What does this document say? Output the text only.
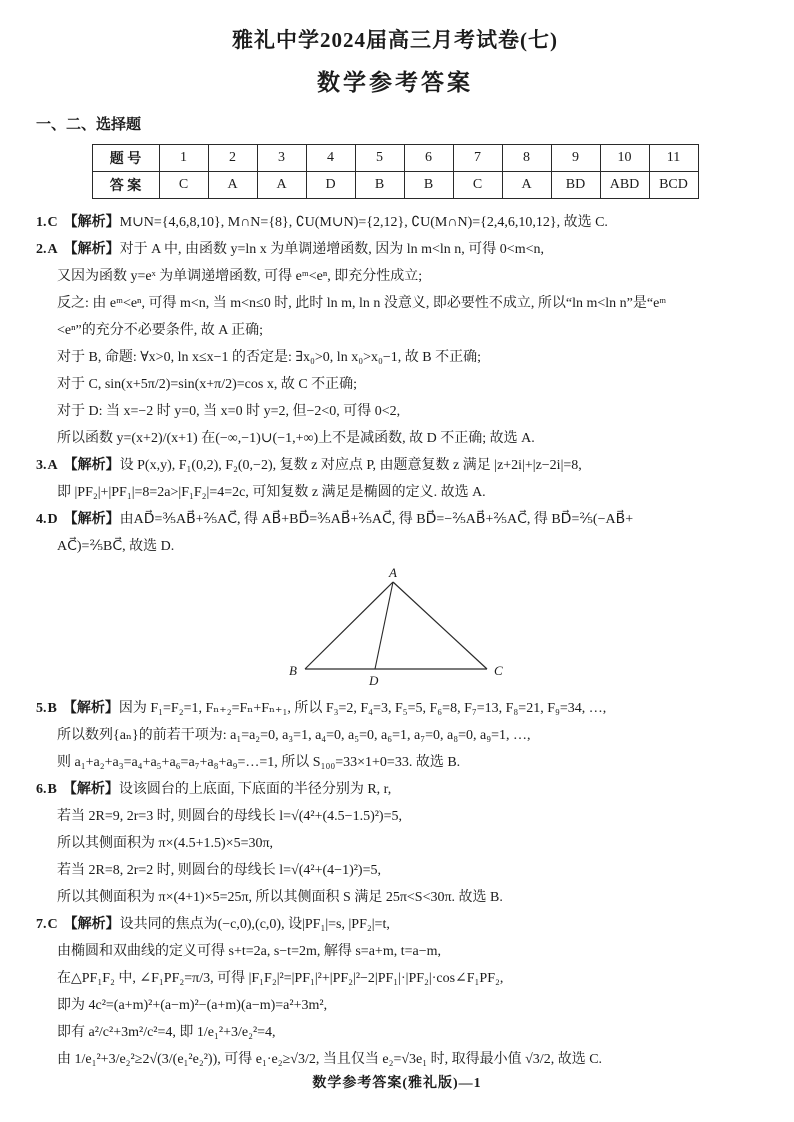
雅礼中学2024届高三月考试卷(七)
数学参考答案
一、二、选择题
题 号	1	2	3	4	5	6	7	8	9	10	11
答 案	C	A	A	D	B	B	C	A	BD	ABD	BCD
1.C 【解析】M∪N={4,6,8,10}, M∩N={8}, ∁U(M∪N)={2,12}, ∁U(M∩N)={2,4,6,10,12}, 故选 C.
2.A 【解析】对于 A 中, 由函数 y=ln x 为单调递增函数, 因为 ln m<ln n, 可得 0<m<n,
又因为函数 y=eˣ 为单调递增函数, 可得 eᵐ<eⁿ, 即充分性成立;
反之: 由 eᵐ<eⁿ, 可得 m<n, 当 m<n≤0 时, 此时 ln m, ln n 没意义, 即必要性不成立, 所以“ln m<ln n”是“eᵐ
<eⁿ”的充分不必要条件, 故 A 正确;
对于 B, 命题: ∀x>0, ln x≤x−1 的否定是: ∃x₀>0, ln x₀>x₀−1, 故 B 不正确;
对于 C, sin(x+5π/2)=sin(x+π/2)=cos x, 故 C 不正确;
对于 D: 当 x=−2 时 y=0, 当 x=0 时 y=2, 但−2<0, 可得 0<2,
所以函数 y=(x+2)/(x+1) 在(−∞,−1)∪(−1,+∞)上不是减函数, 故 D 不正确; 故选 A.
3.A 【解析】设 P(x,y), F₁(0,2), F₂(0,−2), 复数 z 对应点 P, 由题意复数 z 满足 |z+2i|+|z−2i|=8,
即 |PF₂|+|PF₁|=8=2a>|F₁F₂|=4=2c, 可知复数 z 满足是椭圆的定义. 故选 A.
4.D 【解析】由AD⃗=⅗AB⃗+⅖AC⃗, 得 AB⃗+BD⃗=⅗AB⃗+⅖AC⃗, 得 BD⃗=−⅖AB⃗+⅖AC⃗, 得 BD⃗=⅖(−AB⃗+
AC⃗)=⅖BC⃗, 故选 D.
A
B	C
D
5.B 【解析】因为 F₁=F₂=1, Fₙ₊₂=Fₙ+Fₙ₊₁, 所以 F₃=2, F₄=3, F₅=5, F₆=8, F₇=13, F₈=21, F₉=34, …,
所以数列{aₙ}的前若干项为: a₁=a₂=0, a₃=1, a₄=0, a₅=0, a₆=1, a₇=0, a₈=0, a₉=1, …,
则 a₁+a₂+a₃=a₄+a₅+a₆=a₇+a₈+a₉=…=1, 所以 S₁₀₀=33×1+0=33. 故选 B.
6.B 【解析】设该圆台的上底面, 下底面的半径分别为 R, r,
若当 2R=9, 2r=3 时, 则圆台的母线长 l=√(4²+(4.5−1.5)²)=5,
所以其侧面积为 π×(4.5+1.5)×5=30π,
若当 2R=8, 2r=2 时, 则圆台的母线长 l=√(4²+(4−1)²)=5,
所以其侧面积为 π×(4+1)×5=25π, 所以其侧面积 S 满足 25π<S<30π. 故选 B.
7.C 【解析】设共同的焦点为(−c,0),(c,0), 设|PF₁|=s, |PF₂|=t,
由椭圆和双曲线的定义可得 s+t=2a, s−t=2m, 解得 s=a+m, t=a−m,
在△PF₁F₂ 中, ∠F₁PF₂=π/3, 可得 |F₁F₂|²=|PF₁|²+|PF₂|²−2|PF₁|·|PF₂|·cos∠F₁PF₂,
即为 4c²=(a+m)²+(a−m)²−(a+m)(a−m)=a²+3m²,
即有 a²/c²+3m²/c²=4, 即 1/e₁²+3/e₂²=4,
由 1/e₁²+3/e₂²≥2√(3/(e₁²e₂²)), 可得 e₁·e₂≥√3/2, 当且仅当 e₂=√3e₁ 时, 取得最小值 √3/2, 故选 C.
数学参考答案(雅礼版)—1
